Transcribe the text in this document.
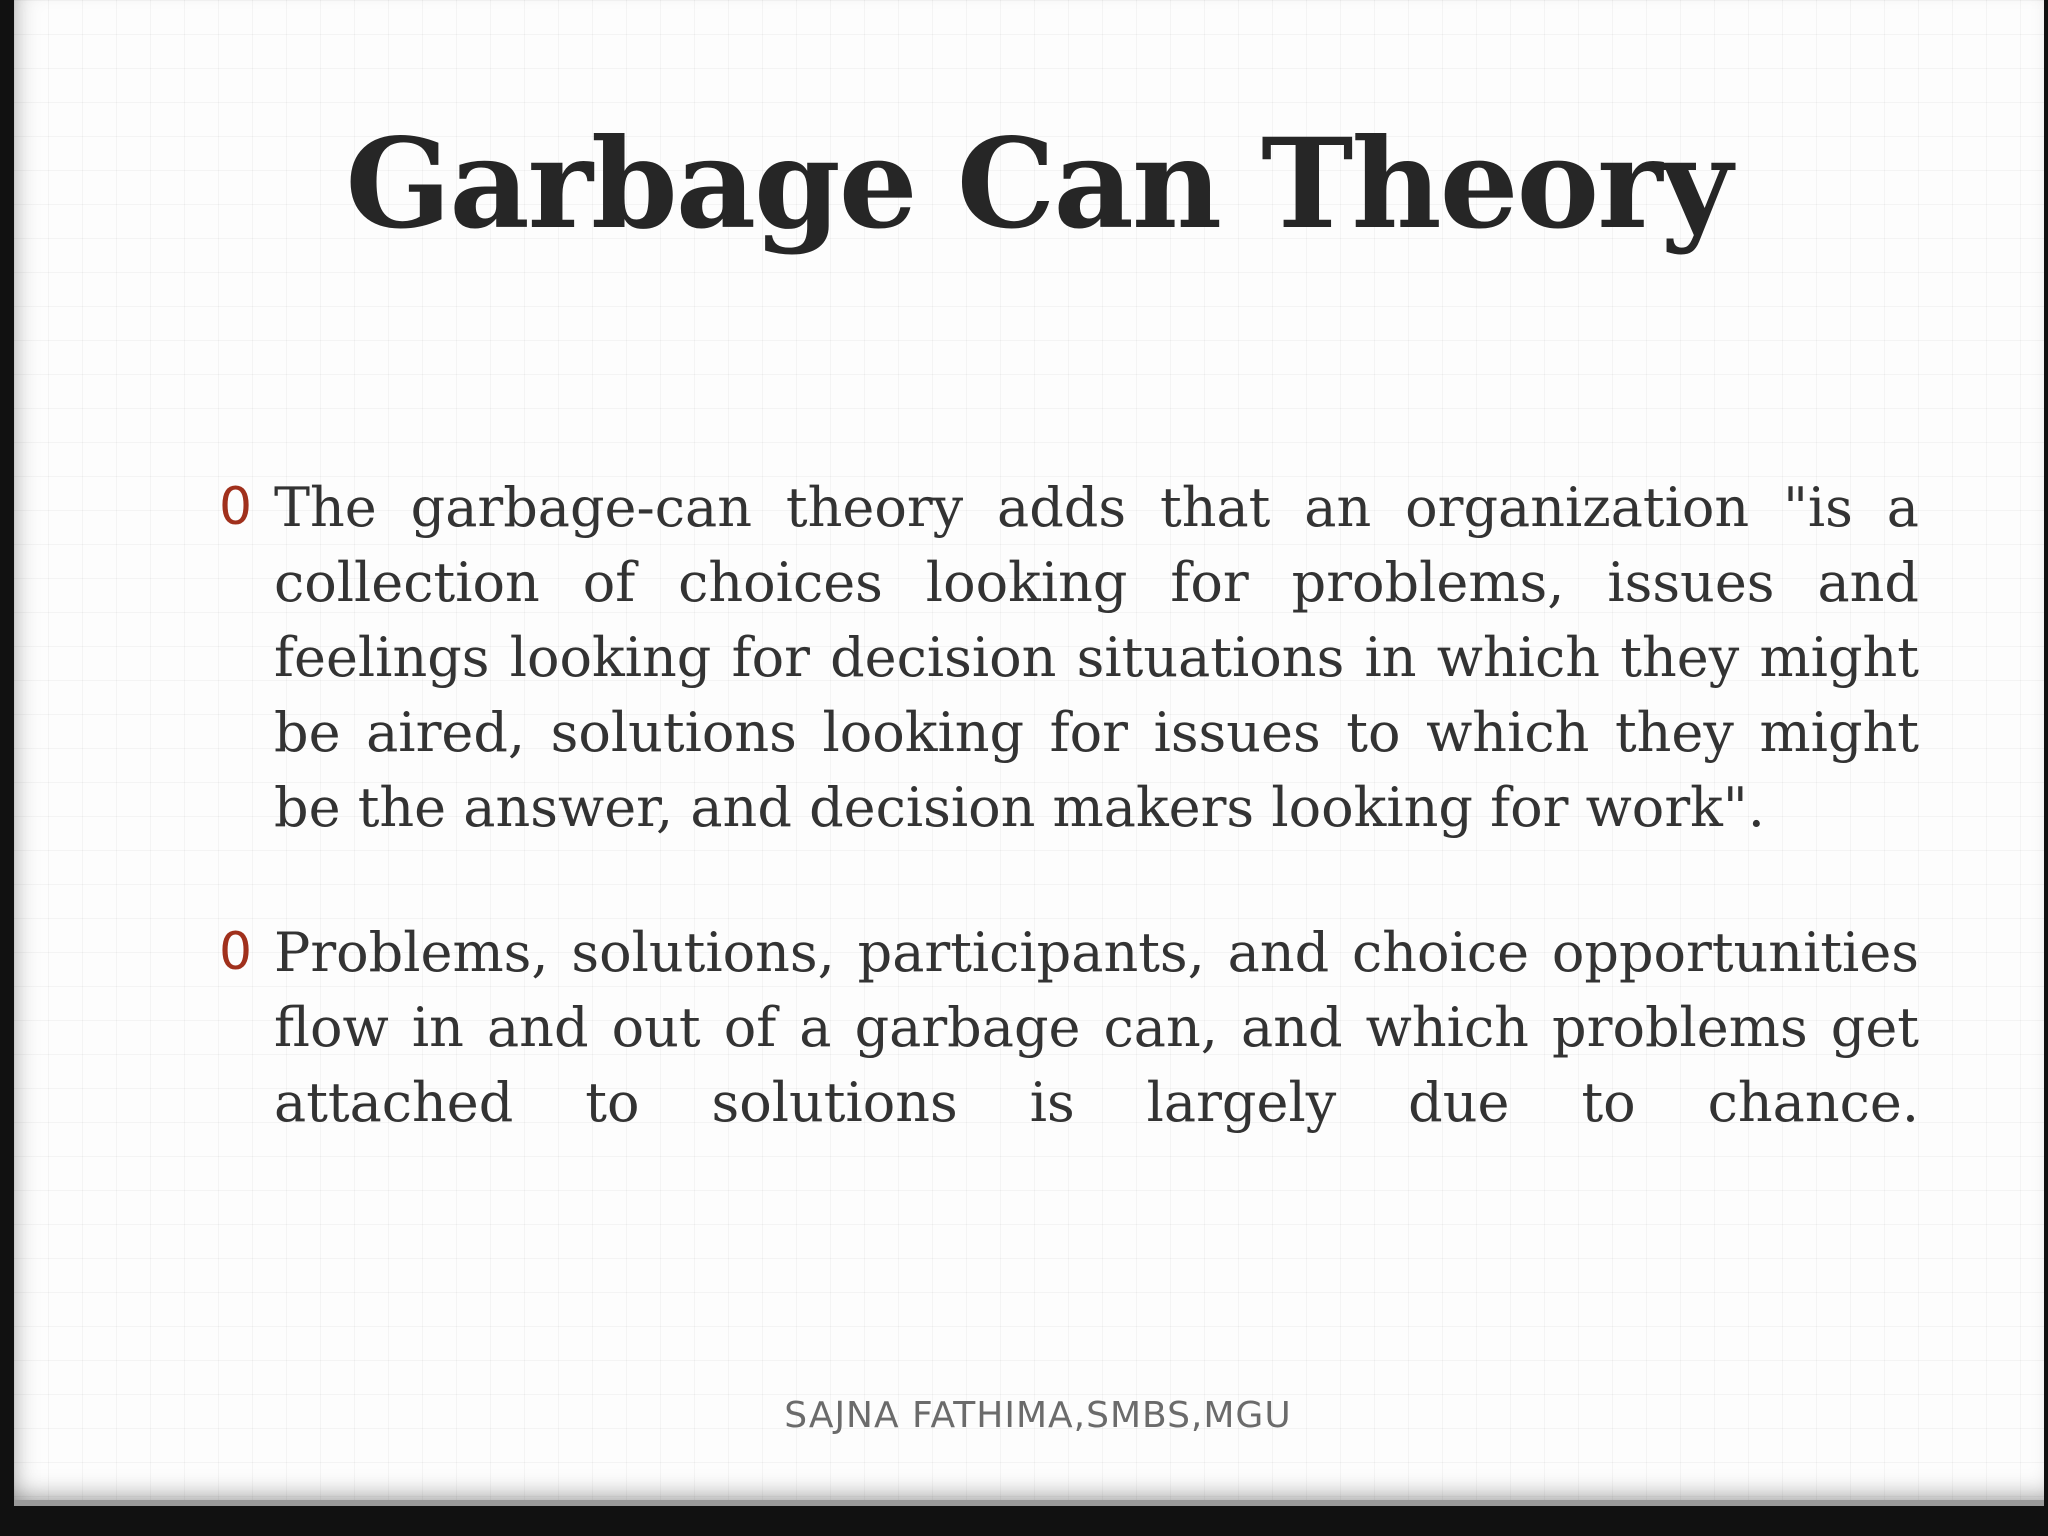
Garbage Can Theory
0 The garbage-can theory adds that an organization "is a collection of choices looking for problems, issues and feelings looking for decision situations in which they might be aired, solutions looking for issues to which they might be the answer, and decision makers looking for work".
0 Problems, solutions, participants, and choice opportunities flow in and out of a garbage can, and which problems get attached to solutions is largely due to chance.
SAJNA FATHIMA,SMBS,MGU
